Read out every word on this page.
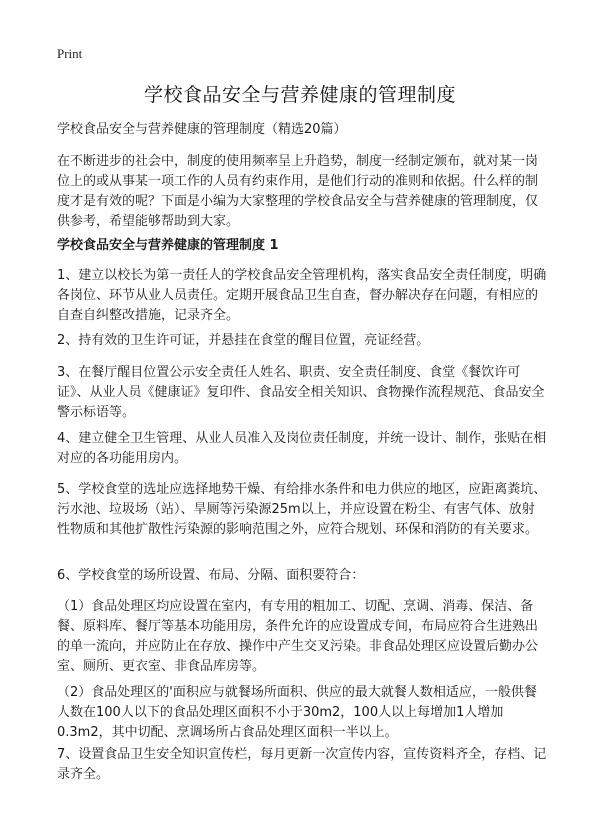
Print
学校食品安全与营养健康的管理制度
学校食品安全与营养健康的管理制度（精选20篇）
在不断进步的社会中，制度的使用频率呈上升趋势，制度一经制定颁布，就对某一岗位上的或从事某一项工作的人员有约束作用，是他们行动的准则和依据。什么样的制度才是有效的呢？下面是小编为大家整理的学校食品安全与营养健康的管理制度，仅供参考，希望能够帮助到大家。
学校食品安全与营养健康的管理制度 1

1、建立以校长为第一责任人的学校食品安全管理机构，落实食品安全责任制度，明确各岗位、环节从业人员责任。定期开展食品卫生自查，督办解决存在问题，有相应的自查自纠整改措施，记录齐全。

2、持有效的卫生许可证，并悬挂在食堂的醒目位置，亮证经营。

3、在餐厅醒目位置公示安全责任人姓名、职责、安全责任制度、食堂《餐饮许可证》、从业人员《健康证》复印件、食品安全相关知识、食物操作流程规范、食品安全警示标语等。

4、建立健全卫生管理、从业人员准入及岗位责任制度，并统一设计、制作，张贴在相对应的各功能用房内。

5、学校食堂的选址应选择地势干燥、有给排水条件和电力供应的地区，应距离粪坑、污水池、垃圾场（站）、旱厕等污染源25m以上，并应设置在粉尘、有害气体、放射性物质和其他扩散性污染源的影响范围之外，应符合规划、环保和消防的有关要求。

6、学校食堂的场所设置、布局、分隔、面积要符合：

（1）食品处理区均应设置在室内，有专用的粗加工、切配、烹调、消毒、保洁、备餐、原料库、餐厅等基本功能用房，条件允许的应设置成专间，布局应符合生进熟出的单一流向，并应防止在存放、操作中产生交叉污染。非食品处理区应设置后勤办公室、厕所、更衣室、非食品库房等。

（2）食品处理区的'面积应与就餐场所面积、供应的最大就餐人数相适应，一般供餐人数在100人以下的食品处理区面积不小于30m2，100人以上每增加1人增加0.3m2，其中切配、烹调场所占食品处理区面积一半以上。

7、设置食品卫生安全知识宣传栏，每月更新一次宣传内容，宣传资料齐全，存档、记录齐全。
